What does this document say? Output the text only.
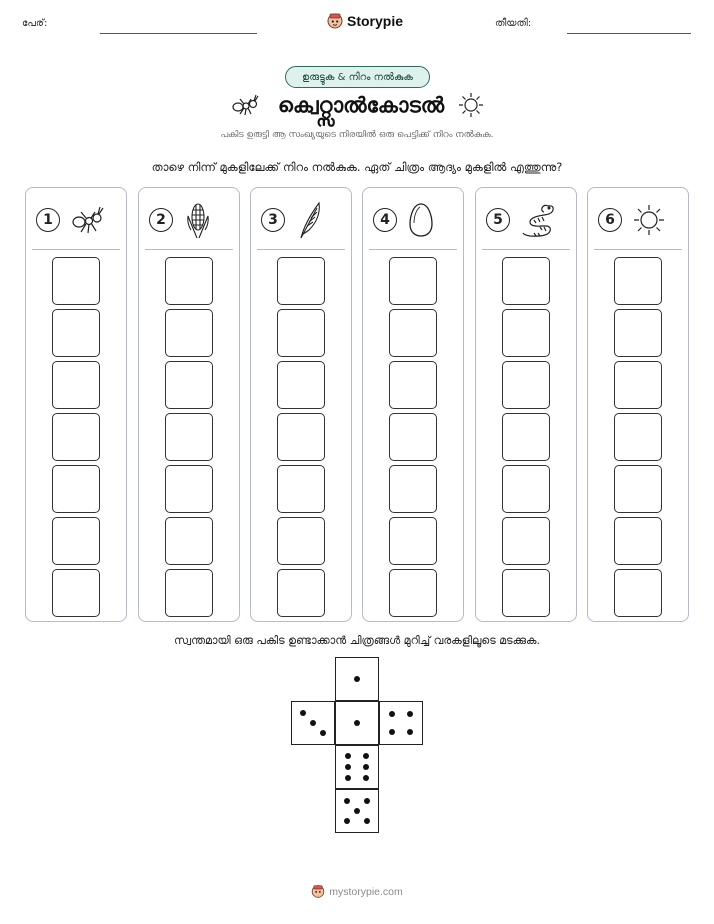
പേര്:	Storypie	തീയതി:
ഉരുട്ടുക & നിറം നൽകുക
ക്വെറ്റ്സാൽകോടൽ
പകിട ഉരുട്ടി ആ സംഖ്യയുടെ നിരയിൽ ഒരു പെട്ടിക്ക് നിറം നൽകുക.
താഴെ നിന്ന് മുകളിലേക്ക് നിറം നൽകുക. ഏത് ചിത്രം ആദ്യം മുകളിൽ എത്തുന്നു?
1	2	3	4	5	6
സ്വന്തമായി ഒരു പകിട ഉണ്ടാക്കാൻ ചിത്രങ്ങൾ മുറിച്ച് വരകളിലൂടെ മടക്കുക.
mystorypie.com
